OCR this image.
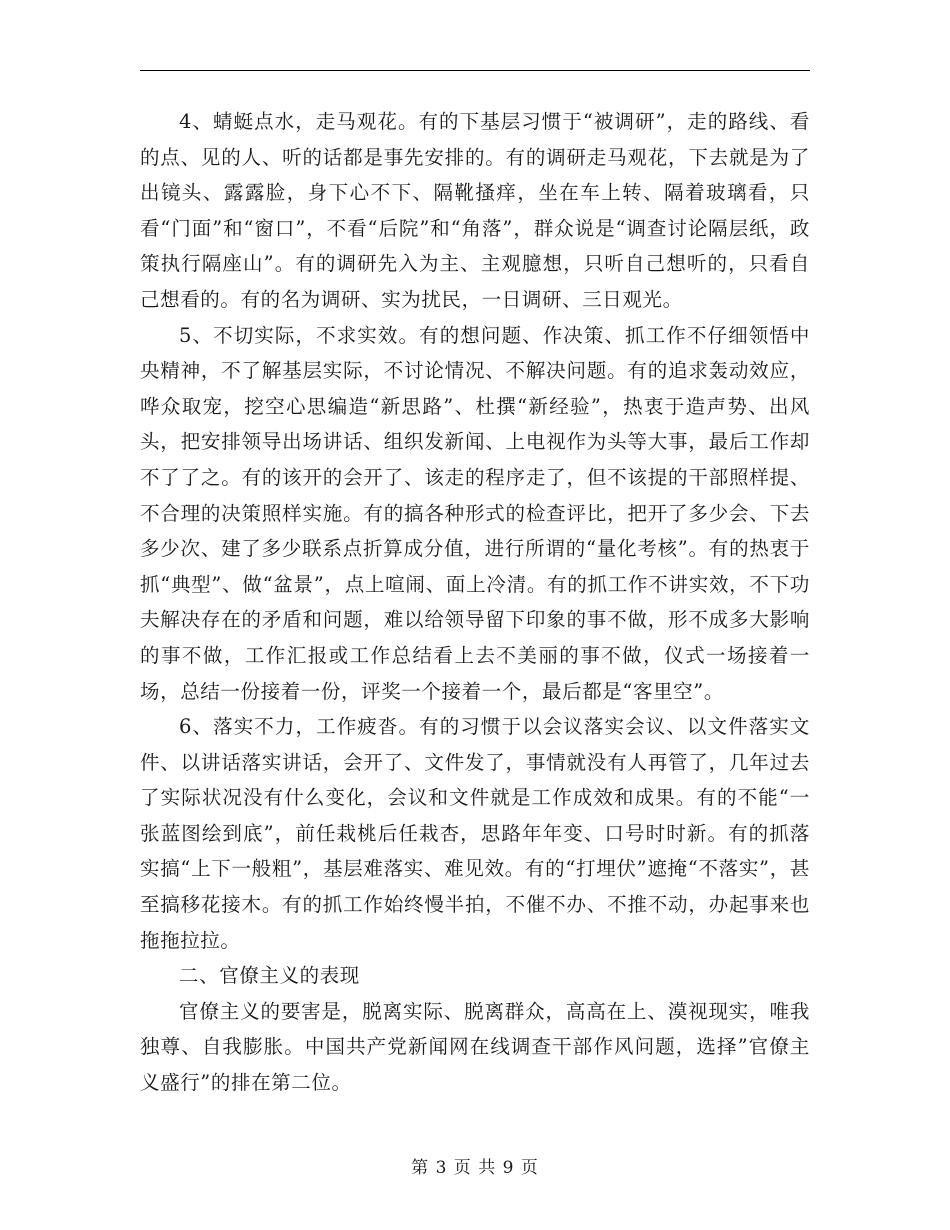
4、蜻蜓点水，走马观花。有的下基层习惯于“被调研”，走的路线、看的点、见的人、听的话都是事先安排的。有的调研走马观花，下去就是为了出镜头、露露脸，身下心不下、隔靴搔痒，坐在车上转、隔着玻璃看，只看“门面”和“窗口”，不看“后院”和“角落”，群众说是“调查讨论隔层纸，政策执行隔座山”。有的调研先入为主、主观臆想，只听自己想听的，只看自己想看的。有的名为调研、实为扰民，一日调研、三日观光。

5、不切实际，不求实效。有的想问题、作决策、抓工作不仔细领悟中央精神，不了解基层实际，不讨论情况、不解决问题。有的追求轰动效应，哗众取宠，挖空心思编造“新思路”、杜撰“新经验”，热衷于造声势、出风头，把安排领导出场讲话、组织发新闻、上电视作为头等大事，最后工作却不了了之。有的该开的会开了、该走的程序走了，但不该提的干部照样提、不合理的决策照样实施。有的搞各种形式的检查评比，把开了多少会、下去多少次、建了多少联系点折算成分值，进行所谓的“量化考核”。有的热衷于抓“典型”、做“盆景”，点上喧闹、面上冷清。有的抓工作不讲实效，不下功夫解决存在的矛盾和问题，难以给领导留下印象的事不做，形不成多大影响的事不做，工作汇报或工作总结看上去不美丽的事不做，仪式一场接着一场，总结一份接着一份，评奖一个接着一个，最后都是“客里空”。

6、落实不力，工作疲沓。有的习惯于以会议落实会议、以文件落实文件、以讲话落实讲话，会开了、文件发了，事情就没有人再管了，几年过去了实际状况没有什么变化，会议和文件就是工作成效和成果。有的不能“一张蓝图绘到底”，前任栽桃后任栽杏，思路年年变、口号时时新。有的抓落实搞“上下一般粗”，基层难落实、难见效。有的“打埋伏”遮掩“不落实”，甚至搞移花接木。有的抓工作始终慢半拍，不催不办、不推不动，办起事来也拖拖拉拉。

二、官僚主义的表现

官僚主义的要害是，脱离实际、脱离群众，高高在上、漠视现实，唯我独尊、自我膨胀。中国共产党新闻网在线调查干部作风问题，选择”官僚主义盛行”的排在第二位。

第 3 页 共 9 页
